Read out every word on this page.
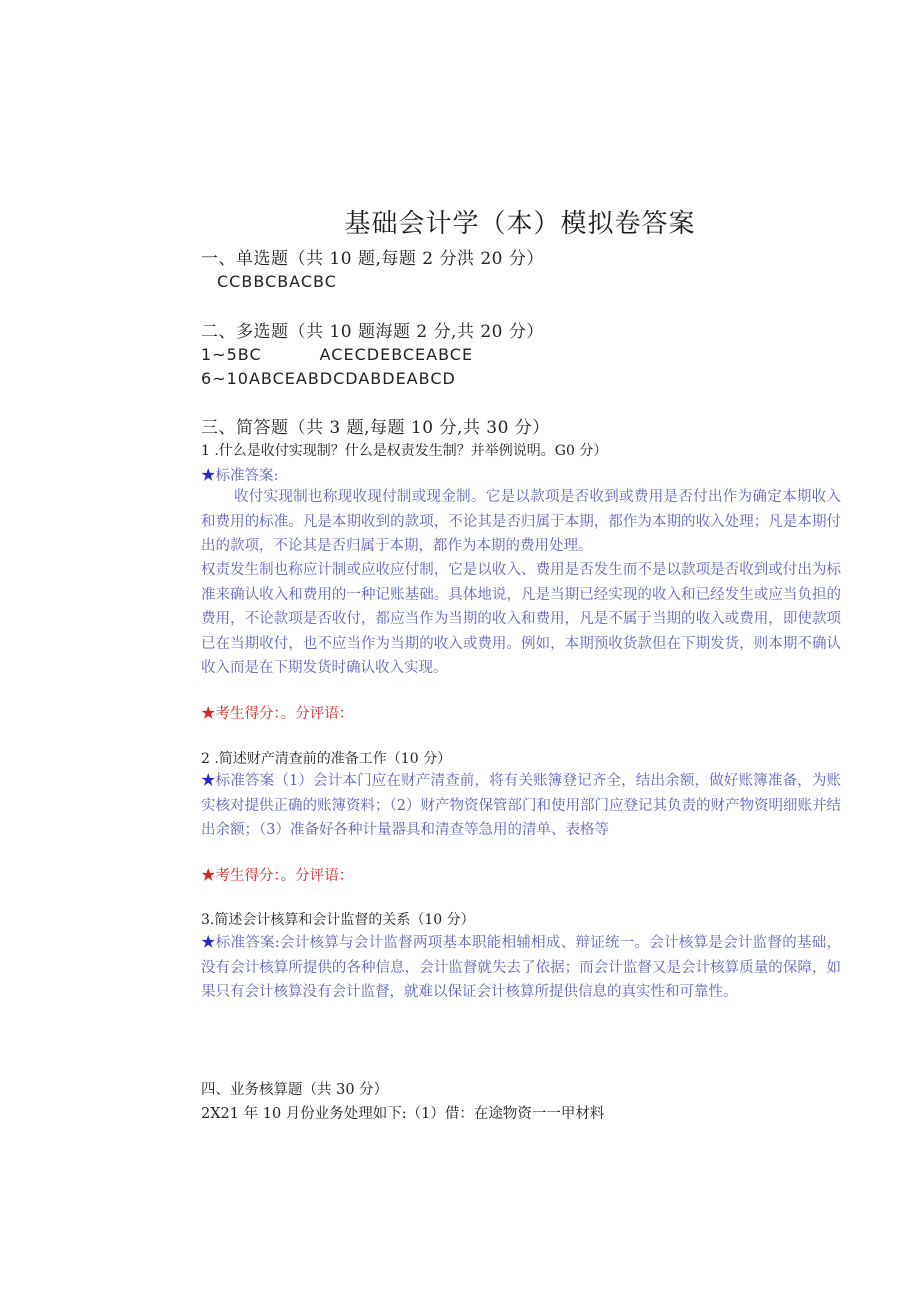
基础会计学（本）模拟卷答案
一、单选题（共 10 题,每题 2 分洪 20 分）
CCBBCBACBC
二、多选题（共 10 题海题 2 分,共 20 分）
1~5BC	ACECDEBCEABCE
6~10ABCEABDCDABDEABCD
三、简答题（共 3 题,每题 10 分,共 30 分）
1 .什么是收付实现制？什么是权责发生制？并举例说明。G0 分）
★标准答案:
收付实现制也称现收现付制或现金制。它是以款项是否收到或费用是否付出作为确定本期收入和费用的标准。凡是本期收到的款项，不论其是否归属于本期，都作为本期的收入处理；凡是本期付出的款项，不论其是否归属于本期，都作为本期的费用处理。
权责发生制也称应计制或应收应付制，它是以收入、费用是否发生而不是以款项是否收到或付出为标准来确认收入和费用的一种记账基础。具体地说，凡是当期已经实现的收入和已经发生或应当负担的费用，不论款项是否收付，都应当作为当期的收入和费用，凡是不属于当期的收入或费用，即使款项已在当期收付，也不应当作为当期的收入或费用。例如，本期预收货款但在下期发货，则本期不确认收入而是在下期发货时确认收入实现。
★考生得分：。分评语：
2 .简述财产清查前的准备工作（10 分）
★标准答案（1）会计本门应在财产清查前，将有关账簿登记齐全，结出余额，做好账簿准备，为账实核对提供正确的账簿资料；（2）财产物资保管部门和使用部门应登记其负责的财产物资明细账并结出余额；（3）准备好各种计量器具和清查等急用的清单、表格等
★考生得分：。分评语：
3.简述会计核算和会计监督的关系（10 分）
★标准答案:会计核算与会计监督两项基本职能相辅相成、辩证统一。会计核算是会计监督的基础，没有会计核算所提供的各种信息，会计监督就失去了依据；而会计监督又是会计核算质量的保障，如果只有会计核算没有会计监督，就难以保证会计核算所提供信息的真实性和可靠性。
四、业务核算题（共 30 分）
2X21 年 10 月份业务处理如下:（1）借：在途物资一一甲材料
